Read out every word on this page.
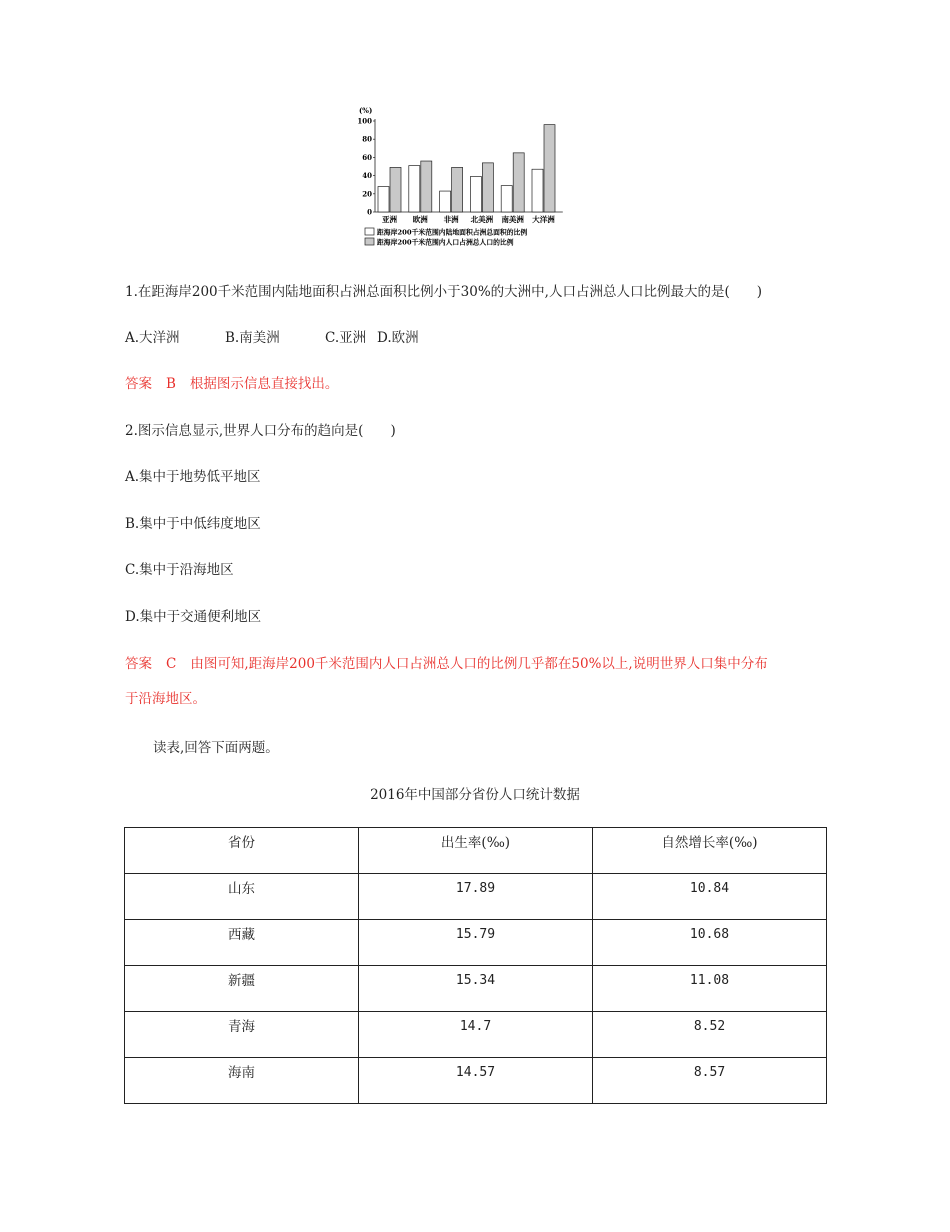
(%)
0
20
40
60
80
100
亚洲 欧洲 非洲 北美洲 南美洲 大洋洲
距海岸200千米范围内陆地面积占洲总面积的比例
距海岸200千米范围内人口占洲总人口的比例
1.在距海岸200千米范围内陆地面积占洲总面积比例小于30%的大洲中,人口占洲总人口比例最大的是(　　)
A.大洋洲	B.南美洲	C.亚洲 D.欧洲
答案 B 根据图示信息直接找出。
2.图示信息显示,世界人口分布的趋向是(　　)
A.集中于地势低平地区
B.集中于中低纬度地区
C.集中于沿海地区
D.集中于交通便利地区
答案 C 由图可知,距海岸200千米范围内人口占洲总人口的比例几乎都在50%以上,说明世界人口集中分布
于沿海地区。
读表,回答下面两题。
2016年中国部分省份人口统计数据
省份	出生率(‰)	自然增长率(‰)

山东	17.89	10.84

西藏	15.79	10.68

新疆	15.34	11.08

青海	14.7	8.52

海南	14.57	8.57
